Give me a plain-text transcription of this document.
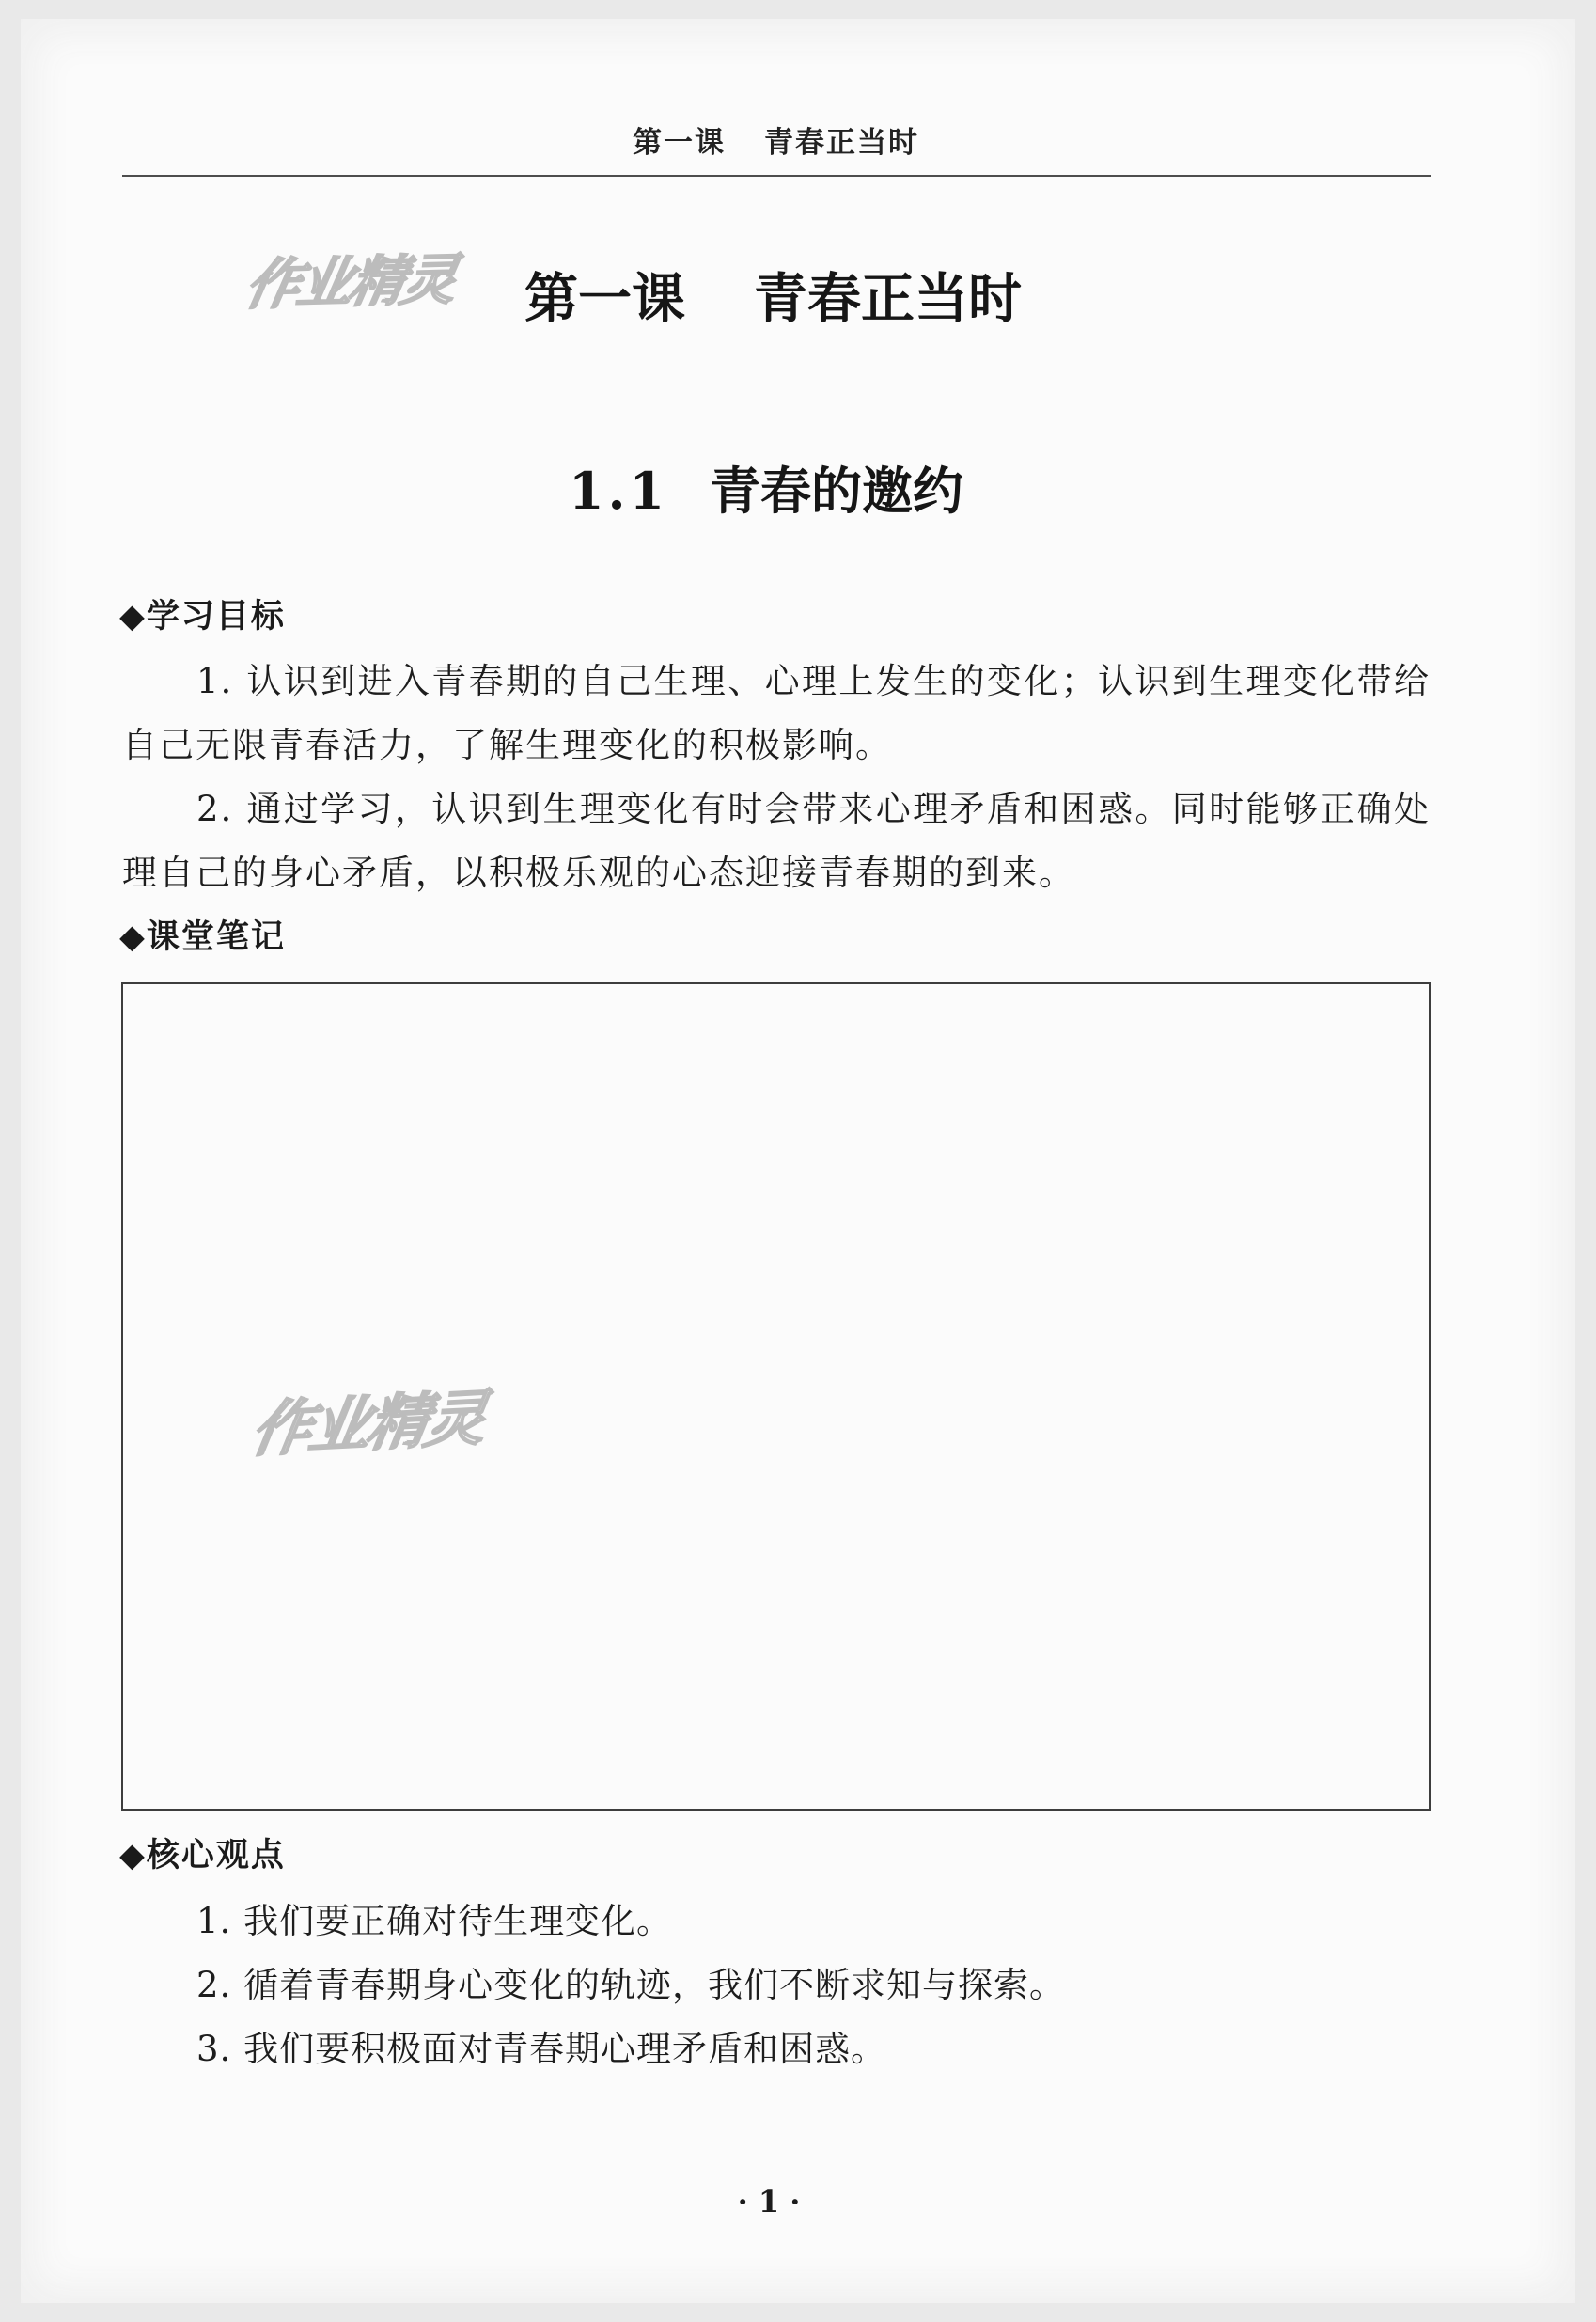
第一课 青春正当时
作业精灵 第一课 青春正当时
1.1 青春的邀约
◆学习目标
1. 认识到进入青春期的自己生理、心理上发生的变化；认识到生理变化带给
自己无限青春活力，了解生理变化的积极影响。
2. 通过学习，认识到生理变化有时会带来心理矛盾和困惑。同时能够正确处
理自己的身心矛盾，以积极乐观的心态迎接青春期的到来。
◆课堂笔记
作业精灵
◆核心观点
1. 我们要正确对待生理变化。
2. 循着青春期身心变化的轨迹，我们不断求知与探索。
3. 我们要积极面对青春期心理矛盾和困惑。
· 1 ·
